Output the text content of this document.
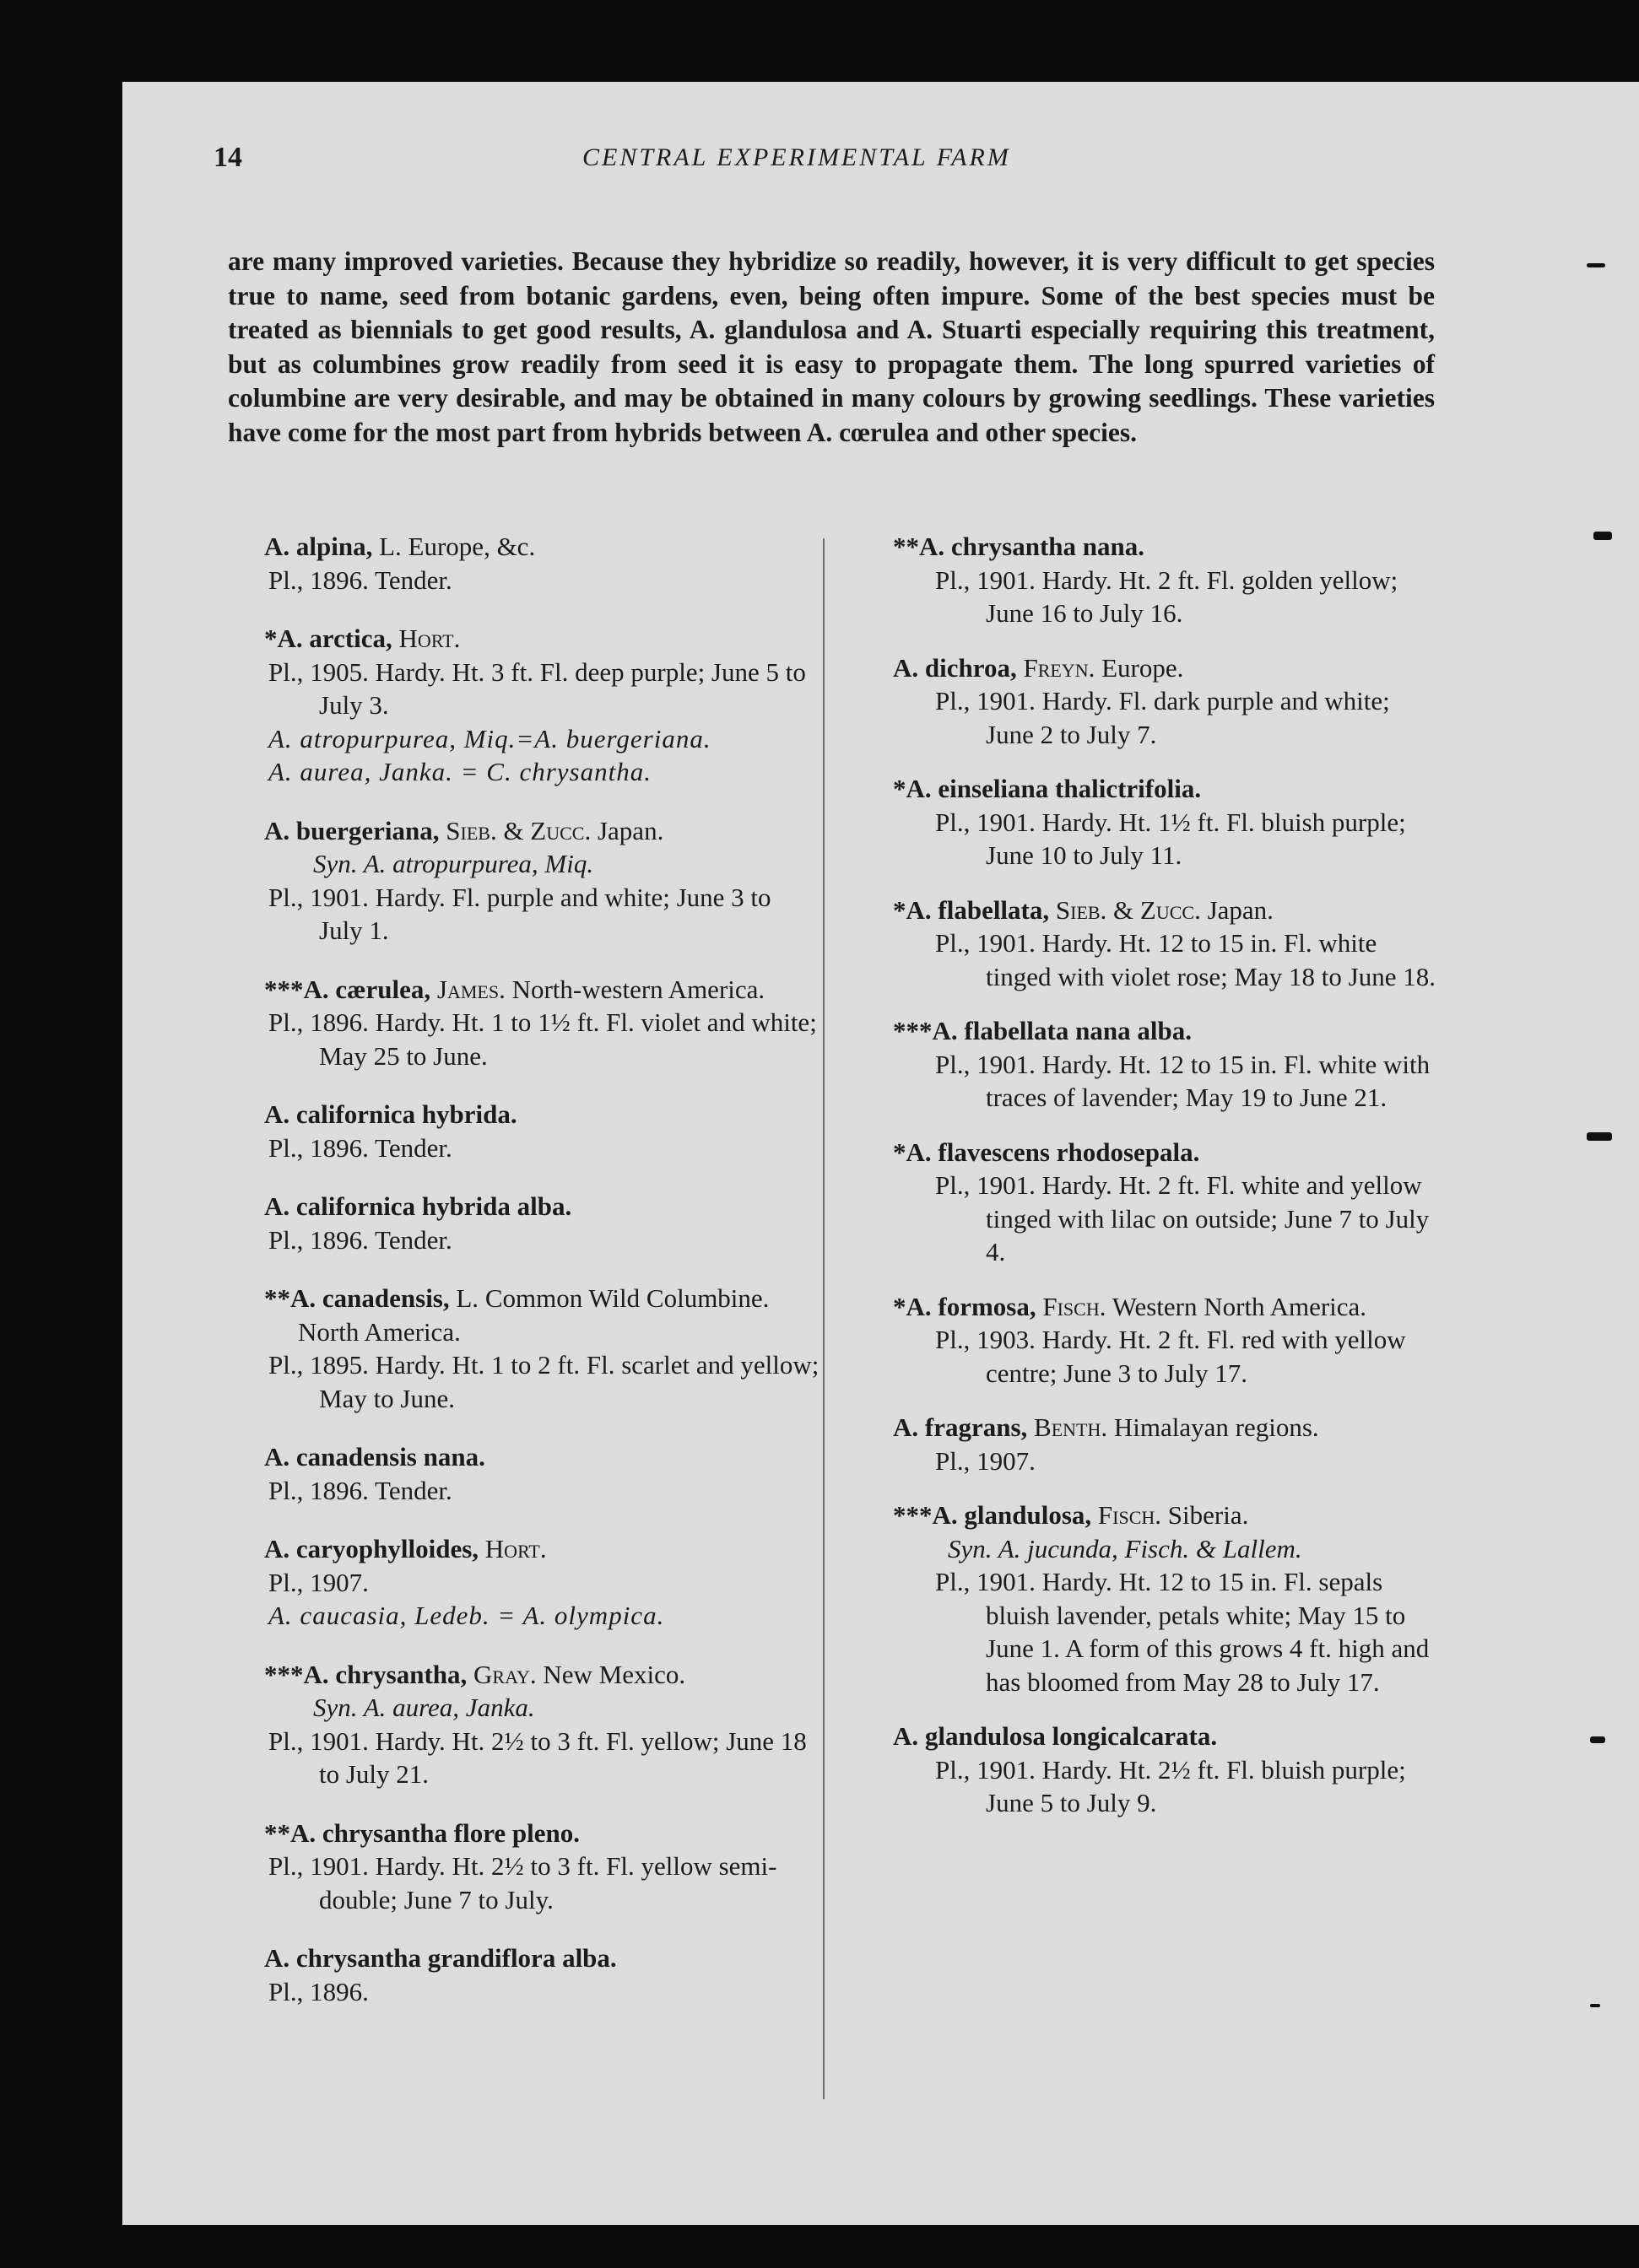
14	CENTRAL EXPERIMENTAL FARM

are many improved varieties. Because they hybridize so readily, however, it is very difficult to get species true to name, seed from botanic gardens, even, being often impure. Some of the best species must be treated as biennials to get good results, A. glandulosa and A. Stuarti especially requiring this treatment, but as columbines grow readily from seed it is easy to propagate them. The long spurred varieties of columbine are very desirable, and may be obtained in many colours by growing seedlings. These varieties have come for the most part from hybrids between A. cœrulea and other species.

A. alpina, L. Europe, &c.
Pl., 1896. Tender.
*A. arctica, Hort.
Pl., 1905. Hardy. Ht. 3 ft. Fl. deep purple; June 5 to July 3.
A. atropurpurea, Miq.=A. buergeriana.
A. aurea, Janka. = C. chrysantha.
A. buergeriana, Sieb. & Zucc. Japan.
Syn. A. atropurpurea, Miq.
Pl., 1901. Hardy. Fl. purple and white; June 3 to July 1.
***A. cærulea, James. North-western America.
Pl., 1896. Hardy. Ht. 1 to 1½ ft. Fl. violet and white; May 25 to June.
A. californica hybrida.
Pl., 1896. Tender.
A. californica hybrida alba.
Pl., 1896. Tender.
**A. canadensis, L. Common Wild Columbine. North America.
Pl., 1895. Hardy. Ht. 1 to 2 ft. Fl. scarlet and yellow; May to June.
A. canadensis nana.
Pl., 1896. Tender.
A. caryophylloides, Hort.
Pl., 1907.
A. caucasia, Ledeb. = A. olympica.
***A. chrysantha, Gray. New Mexico.
Syn. A. aurea, Janka.
Pl., 1901. Hardy. Ht. 2½ to 3 ft. Fl. yellow; June 18 to July 21.
**A. chrysantha flore pleno.
Pl., 1901. Hardy. Ht. 2½ to 3 ft. Fl. yellow semi-double; June 7 to July.
A. chrysantha grandiflora alba.
Pl., 1896.
**A. chrysantha nana.
Pl., 1901. Hardy. Ht. 2 ft. Fl. golden yellow; June 16 to July 16.
A. dichroa, Freyn. Europe.
Pl., 1901. Hardy. Fl. dark purple and white; June 2 to July 7.
*A. einseliana thalictrifolia.
Pl., 1901. Hardy. Ht. 1½ ft. Fl. bluish purple; June 10 to July 11.
*A. flabellata, Sieb. & Zucc. Japan.
Pl., 1901. Hardy. Ht. 12 to 15 in. Fl. white tinged with violet rose; May 18 to June 18.
***A. flabellata nana alba.
Pl., 1901. Hardy. Ht. 12 to 15 in. Fl. white with traces of lavender; May 19 to June 21.
*A. flavescens rhodosepala.
Pl., 1901. Hardy. Ht. 2 ft. Fl. white and yellow tinged with lilac on outside; June 7 to July 4.
*A. formosa, Fisch. Western North America.
Pl., 1903. Hardy. Ht. 2 ft. Fl. red with yellow centre; June 3 to July 17.
A. fragrans, Benth. Himalayan regions.
Pl., 1907.
***A. glandulosa, Fisch. Siberia.
Syn. A. jucunda, Fisch. & Lallem.
Pl., 1901. Hardy. Ht. 12 to 15 in. Fl. sepals bluish lavender, petals white; May 15 to June 1. A form of this grows 4 ft. high and has bloomed from May 28 to July 17.
A. glandulosa longicalcarata.
Pl., 1901. Hardy. Ht. 2½ ft. Fl. bluish purple; June 5 to July 9.
